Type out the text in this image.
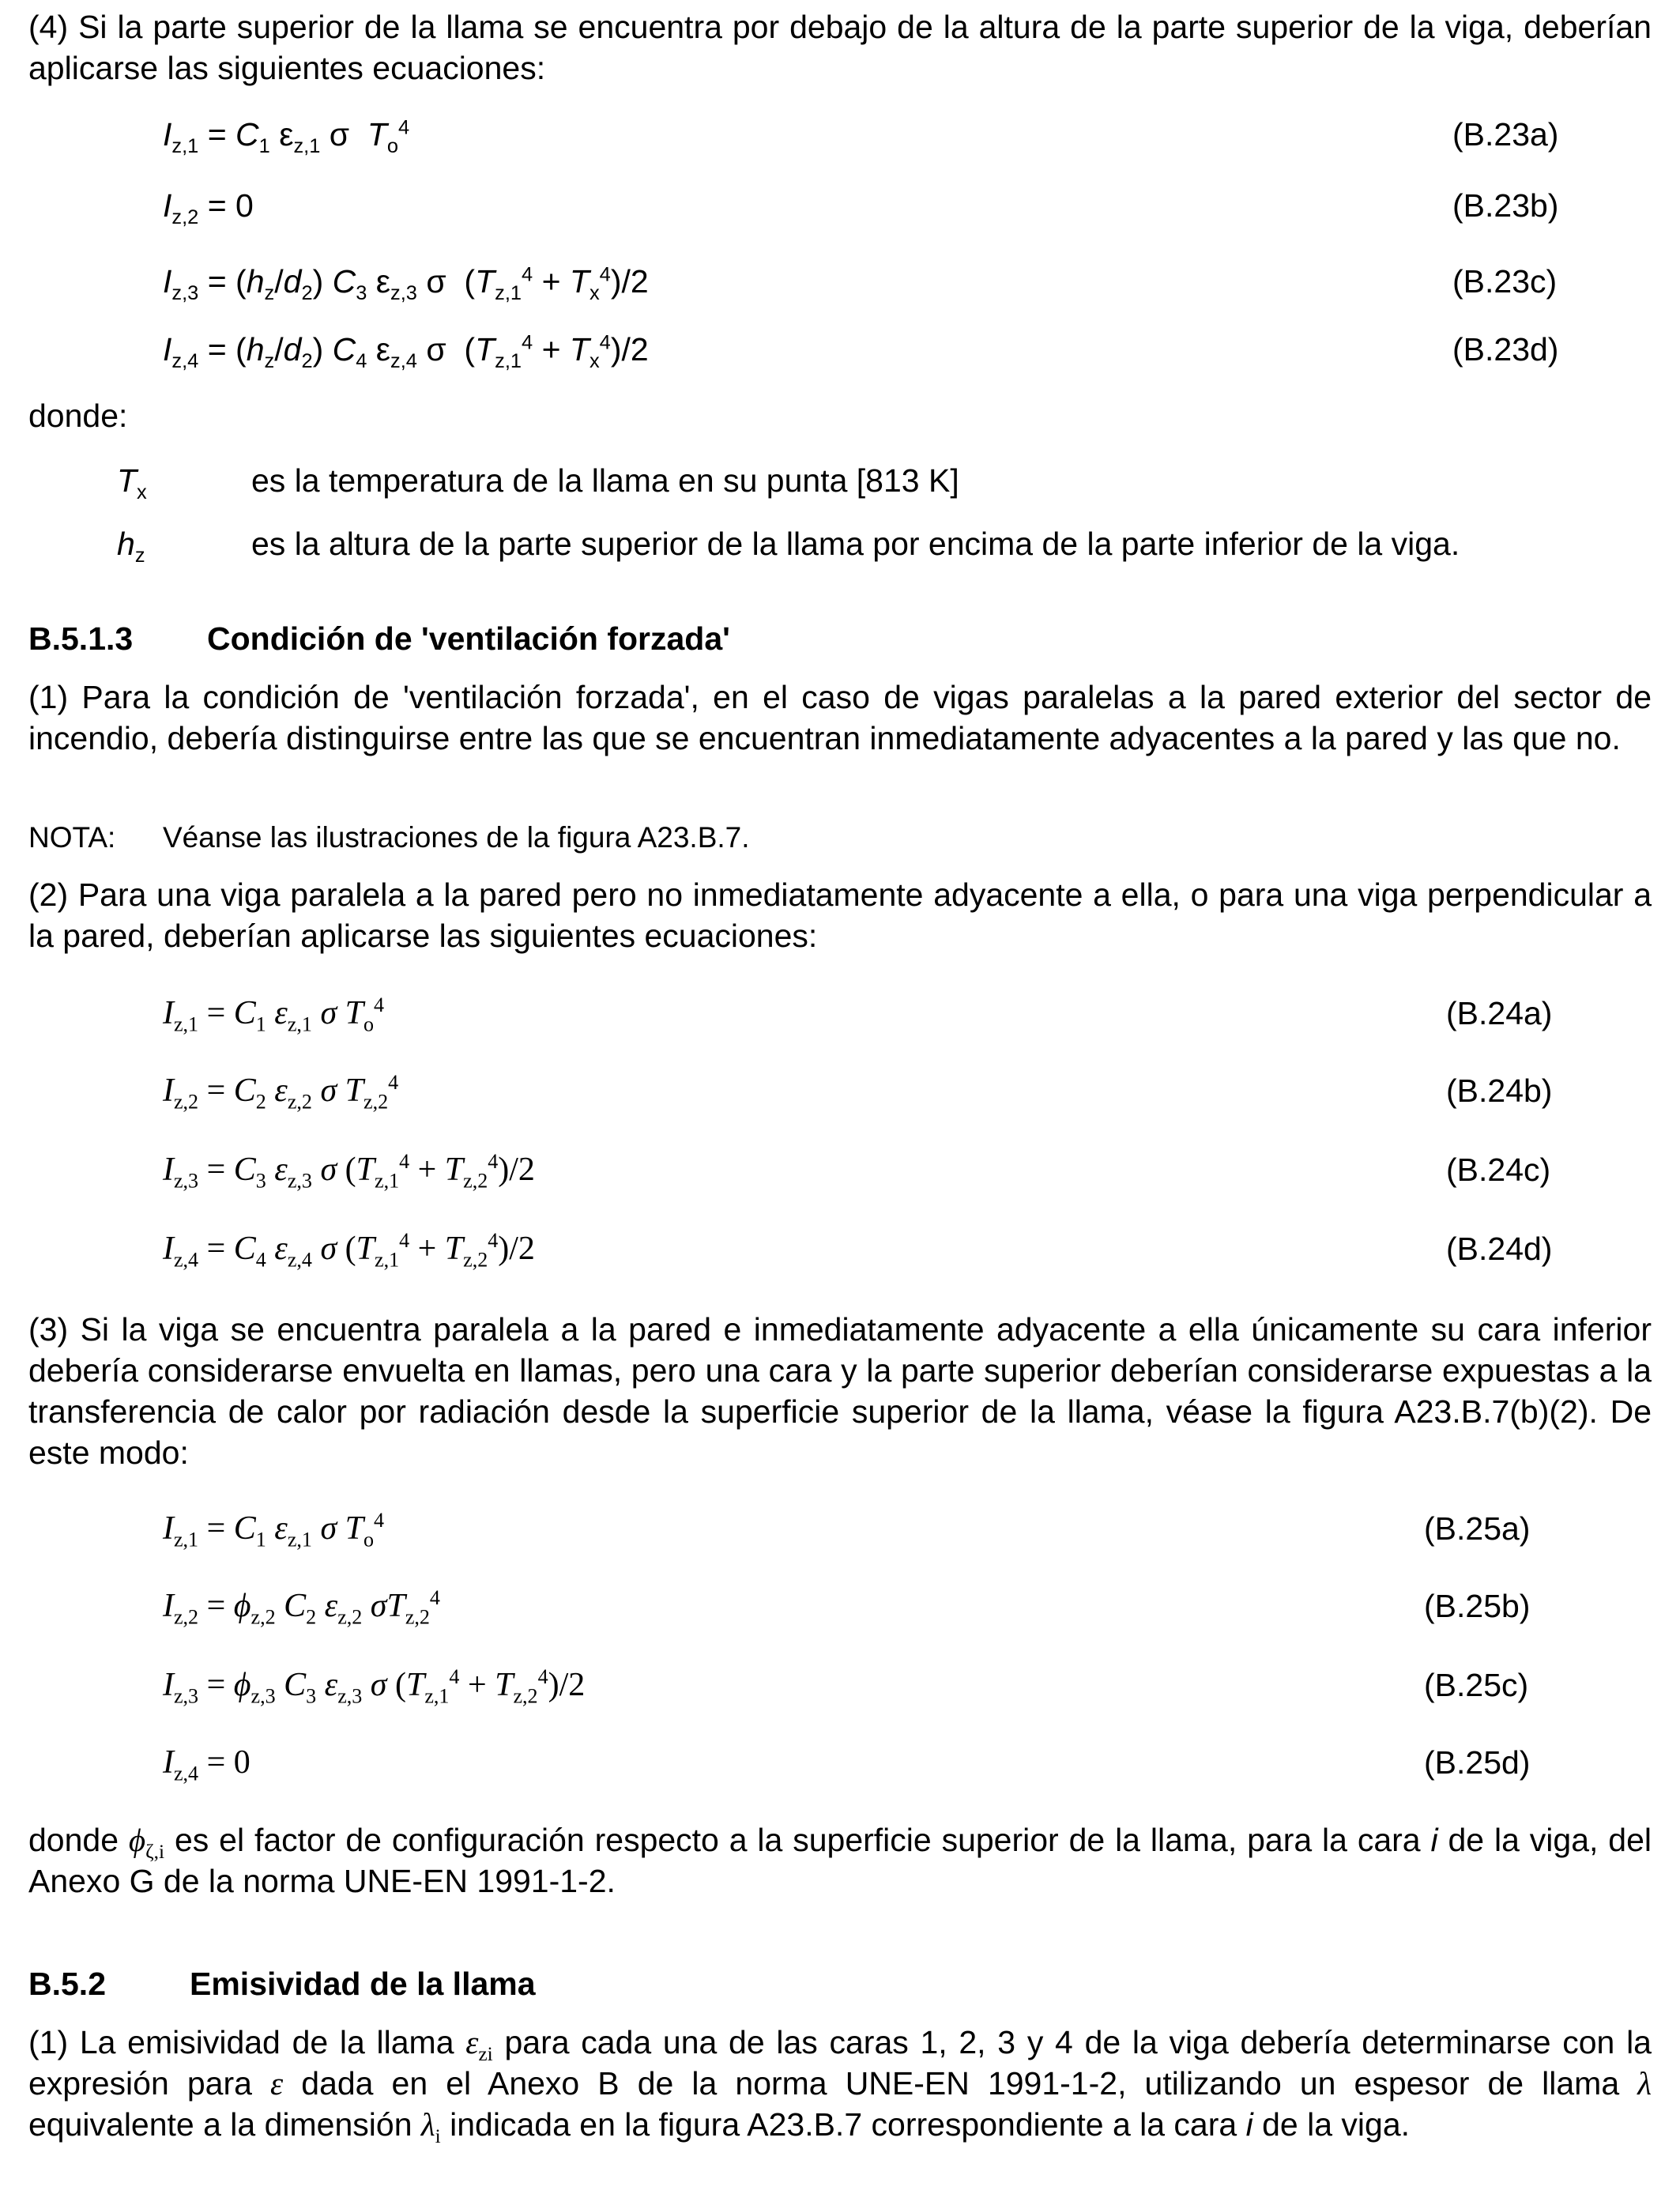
(4) Si la parte superior de la llama se encuentra por debajo de la altura de la parte superior de la viga, deberían aplicarse las siguientes ecuaciones:

$I_{z,1} = C_1$ $\varepsilon_{z,1}$ σ  $T_o^4$	(B.23a)
$I_{z,2} = 0$	(B.23b)
$I_{z,3} = (h_z/d_2)$ $C_3$ $\varepsilon_{z,3}$ σ  $(T_{z,1}^4 + T_x^4)/2$	(B.23c)
$I_{z,4} = (h_z/d_2)$ $C_4$ $\varepsilon_{z,4}$ σ  $(T_{z,1}^4 + T_x^4)/2$	(B.23d)
donde:
$T_x$	es la temperatura de la llama en su punta [813 K]
$h_z$	es la altura de la parte superior de la llama por encima de la parte inferior de la viga.
B.5.1.3 Condición de 'ventilación forzada'

(1) Para la condición de 'ventilación forzada', en el caso de vigas paralelas a la pared exterior del sector de incendio, debería distinguirse entre las que se encuentran inmediatamente adyacentes a la pared y las que no.

NOTA: Véanse las ilustraciones de la figura A23.B.7.

(2) Para una viga paralela a la pared pero no inmediatamente adyacente a ella, o para una viga perpendicular a la pared, deberían aplicarse las siguientes ecuaciones:

$I_{z,1} = C_1$ $\varepsilon_{z,1}$ σ $T_o^4$	(B.24a)
$I_{z,2} = C_2$ $\varepsilon_{z,2}$ σ $T_{z,2}^4$	(B.24b)
$I_{z,3} = C_3$ $\varepsilon_{z,3}$ σ $(T_{z,1}^4 + T_{z,2}^4)/2$	(B.24c)
$I_{z,4} = C_4$ $\varepsilon_{z,4}$ σ $(T_{z,1}^4 + T_{z,2}^4)/2$	(B.24d)

(3) Si la viga se encuentra paralela a la pared e inmediatamente adyacente a ella únicamente su cara inferior debería considerarse envuelta en llamas, pero una cara y la parte superior deberían considerarse expuestas a la transferencia de calor por radiación desde la superficie superior de la llama, véase la figura A23.B.7(b)(2). De este modo:

$I_{z,1} = C_1$ $\varepsilon_{z,1}$ σ $T_o^4$	(B.25a)
$I_{z,2} = \phi_{z,2}$ $C_2$ $\varepsilon_{z,2}$ $\sigma T_{z,2}^4$	(B.25b)
$I_{z,3} = \phi_{z,3}$ $C_3$ $\varepsilon_{z,3}$ σ $(T_{z,1}^4 + T_{z,2}^4)/2$	(B.25c)
$I_{z,4} = 0$	(B.25d)

donde $\phi_{\zeta,i}$ es el factor de configuración respecto a la superficie superior de la llama, para la cara i de la viga, del Anexo G de la norma UNE-EN 1991-1-2.

B.5.2	Emisividad de la llama

(1) La emisividad de la llama $\varepsilon_{zi}$ para cada una de las caras 1, 2, 3 y 4 de la viga debería determinarse con la expresión para ε dada en el Anexo B de la norma UNE-EN 1991-1-2, utilizando un espesor de llama λ equivalente a la dimensión $\lambda_i$ indicada en la figura A23.B.7 correspondiente a la cara i de la viga.
